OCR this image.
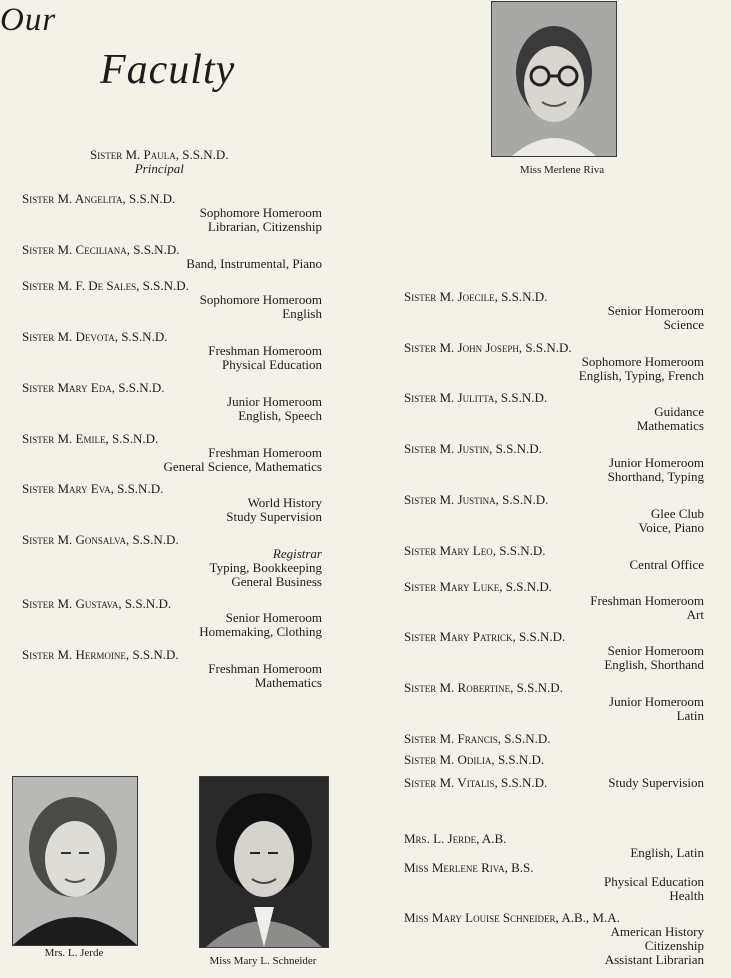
Our
Faculty
Sister M. Paula, S.S.N.D.
Principal
Sister M. Angelita, S.S.N.D.
Sophomore Homeroom
Librarian, Citizenship
Sister M. Ceciliana, S.S.N.D.
Band, Instrumental, Piano
Sister M. F. De Sales, S.S.N.D.
Sophomore Homeroom
English
Sister M. Devota, S.S.N.D.
Freshman Homeroom
Physical Education
Sister Mary Eda, S.S.N.D.
Junior Homeroom
English, Speech
Sister M. Emile, S.S.N.D.
Freshman Homeroom
General Science, Mathematics
Sister Mary Eva, S.S.N.D.
World History
Study Supervision
Sister M. Gonsalva, S.S.N.D.
Registrar
Typing, Bookkeeping
General Business
Sister M. Gustava, S.S.N.D.
Senior Homeroom
Homemaking, Clothing
Sister M. Hermoine, S.S.N.D.
Freshman Homeroom
Mathematics
Sister M. Joecile, S.S.N.D.
Senior Homeroom
Science
Sister M. John Joseph, S.S.N.D.
Sophomore Homeroom
English, Typing, French
Sister M. Julitta, S.S.N.D.
Guidance
Mathematics
Sister M. Justin, S.S.N.D.
Junior Homeroom
Shorthand, Typing
Sister M. Justina, S.S.N.D.
Glee Club
Voice, Piano
Sister Mary Leo, S.S.N.D.
Central Office
Sister Mary Luke, S.S.N.D.
Freshman Homeroom
Art
Sister Mary Patrick, S.S.N.D.
Senior Homeroom
English, Shorthand
Sister M. Robertine, S.S.N.D.
Junior Homeroom
Latin
Sister M. Francis, S.S.N.D.
Sister M. Odilia, S.S.N.D.
Sister M. Vitalis, S.S.N.D.	Study Supervision
Mrs. L. Jerde, A.B.
English, Latin
Miss Merlene Riva, B.S.
Physical Education
Health
Miss Mary Louise Schneider, A.B., M.A.
American History
Citizenship
Assistant Librarian
Miss Merlene Riva
Mrs. L. Jerde
Miss Mary L. Schneider
